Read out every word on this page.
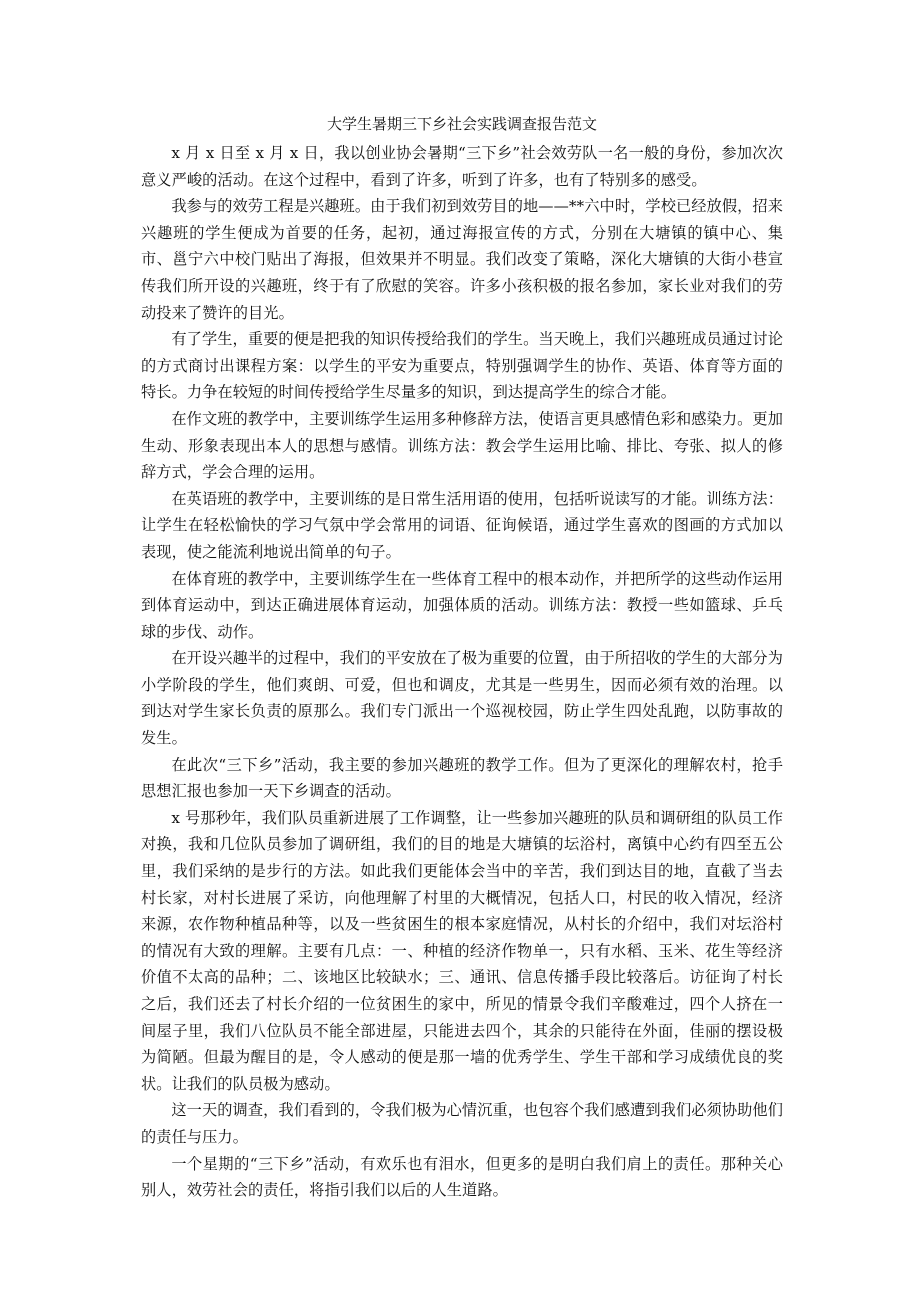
大学生暑期三下乡社会实践调查报告范文

x 月 x 日至 x 月 x 日，我以创业协会暑期“三下乡”社会效劳队一名一般的身份，参加次次意义严峻的活动。在这个过程中，看到了许多，听到了许多，也有了特别多的感受。

我参与的效劳工程是兴趣班。由于我们初到效劳目的地——**六中时，学校已经放假，招来兴趣班的学生便成为首要的任务，起初，通过海报宣传的方式，分别在大塘镇的镇中心、集市、邕宁六中校门贴出了海报，但效果并不明显。我们改变了策略，深化大塘镇的大街小巷宣传我们所开设的兴趣班，终于有了欣慰的笑容。许多小孩积极的报名参加，家长业对我们的劳动投来了赞许的目光。

有了学生，重要的便是把我的知识传授给我们的学生。当天晚上，我们兴趣班成员通过讨论的方式商讨出课程方案：以学生的平安为重要点，特别强调学生的协作、英语、体育等方面的特长。力争在较短的时间传授给学生尽量多的知识，到达提高学生的综合才能。

在作文班的教学中，主要训练学生运用多种修辞方法，使语言更具感情色彩和感染力。更加生动、形象表现出本人的思想与感情。训练方法：教会学生运用比喻、排比、夸张、拟人的修辞方式，学会合理的运用。

在英语班的教学中，主要训练的是日常生活用语的使用，包括听说读写的才能。训练方法：让学生在轻松愉快的学习气氛中学会常用的词语、征询候语，通过学生喜欢的图画的方式加以表现，使之能流利地说出简单的句子。

在体育班的教学中，主要训练学生在一些体育工程中的根本动作，并把所学的这些动作运用到体育运动中，到达正确进展体育运动，加强体质的活动。训练方法：教授一些如篮球、乒乓球的步伐、动作。

在开设兴趣半的过程中，我们的平安放在了极为重要的位置，由于所招收的学生的大部分为小学阶段的学生，他们爽朗、可爱，但也和调皮，尤其是一些男生，因而必须有效的治理。以到达对学生家长负责的原那么。我们专门派出一个巡视校园，防止学生四处乱跑，以防事故的发生。

在此次“三下乡”活动，我主要的参加兴趣班的教学工作。但为了更深化的理解农村，抢手思想汇报也参加一天下乡调查的活动。

x 号那秒年，我们队员重新进展了工作调整，让一些参加兴趣班的队员和调研组的队员工作对换，我和几位队员参加了调研组，我们的目的地是大塘镇的坛浴村，离镇中心约有四至五公里，我们采纳的是步行的方法。如此我们更能体会当中的辛苦，我们到达目的地，直截了当去村长家，对村长进展了采访，向他理解了村里的大概情况，包括人口，村民的收入情况，经济来源，农作物种植品种等，以及一些贫困生的根本家庭情况，从村长的介绍中，我们对坛浴村的情况有大致的理解。主要有几点：一、种植的经济作物单一，只有水稻、玉米、花生等经济价值不太高的品种；二、该地区比较缺水；三、通讯、信息传播手段比较落后。访征询了村长之后，我们还去了村长介绍的一位贫困生的家中，所见的情景令我们辛酸难过，四个人挤在一间屋子里，我们八位队员不能全部进屋，只能进去四个，其余的只能待在外面，佳丽的摆设极为简陋。但最为醒目的是，令人感动的便是那一墙的优秀学生、学生干部和学习成绩优良的奖状。让我们的队员极为感动。

这一天的调查，我们看到的，令我们极为心情沉重，也包容个我们感遭到我们必须协助他们的责任与压力。

一个星期的“三下乡”活动，有欢乐也有泪水，但更多的是明白我们肩上的责任。那种关心别人，效劳社会的责任，将指引我们以后的人生道路。
